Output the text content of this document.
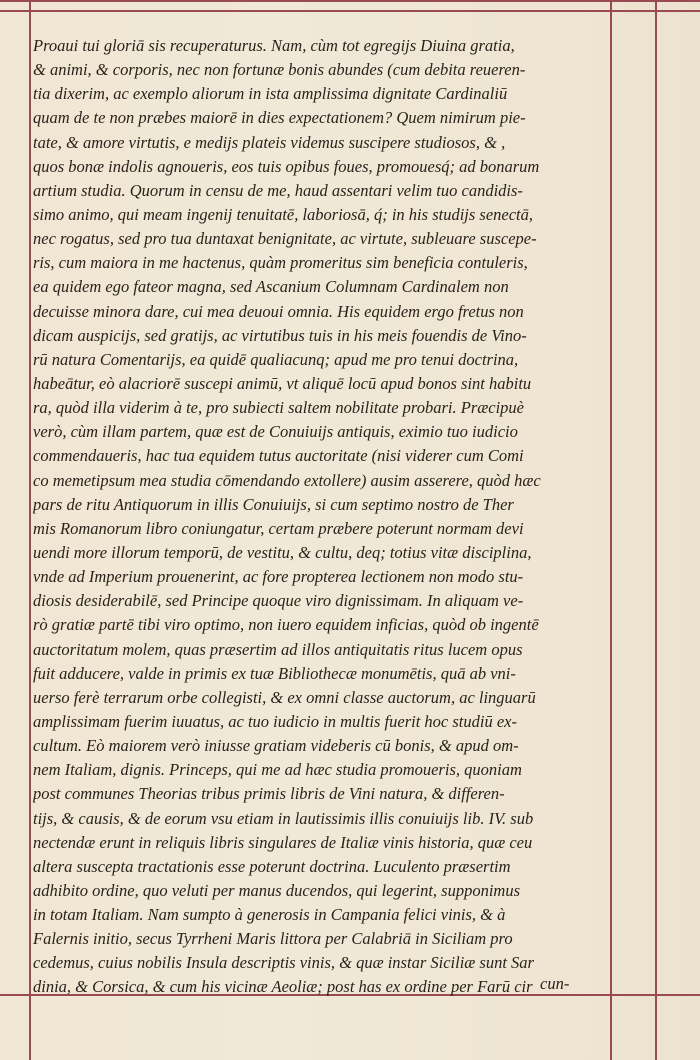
Proaui tui gloriā sis recuperaturus. Nam, cùm tot egregijs Diuina gratia,
& animi, & corporis, nec non fortunæ bonis abundes (cum debita reueren-
tia dixerim, ac exemplo aliorum in ista amplissima dignitate Cardinaliū
quam de te non præbes maiorē in dies expectationem? Quem nimirum pie-
tate, & amore virtutis, e medijs plateis videmus suscipere studiosos, & ,
quos bonæ indolis agnoueris, eos tuis opibus foues, promouesq́; ad bonarum
artium studia. Quorum in censu de me, haud assentari velim tuo candidis-
simo animo, qui meam ingenij tenuitatē, laboriosā, q́; in his studijs senectā,
nec rogatus, sed pro tua duntaxat benignitate, ac virtute, subleuare suscepe-
ris, cum maiora in me hactenus, quàm promeritus sim beneficia contuleris,
ea quidem ego fateor magna, sed Ascanium Columnam Cardinalem non
decuisse minora dare, cui mea deuoui omnia. His equidem ergo fretus non
dicam auspicijs, sed gratijs, ac virtutibus tuis in his meis fouendis de Vino-
rū natura Comentarijs, ea quidē qualiacunq; apud me pro tenui doctrina,
habeātur, eò alacriorē suscepi animū, vt aliquē locū apud bonos sint habitu
ra, quòd illa viderim à te, pro subiecti saltem nobilitate probari. Præcipuè
verò, cùm illam partem, quæ est de Conuiuijs antiquis, eximio tuo iudicio
commendaueris, hac tua equidem tutus auctoritate (nisi viderer cum Comi
co memetipsum mea studia cōmendando extollere) ausim asserere, quòd hæc
pars de ritu Antiquorum in illis Conuiuijs, si cum septimo nostro de Ther
mis Romanorum libro coniungatur, certam præbere poterunt normam devi
uendi more illorum temporū, de vestitu, & cultu, deq; totius vitæ disciplina,
vnde ad Imperium prouenerint, ac fore propterea lectionem non modo stu-
diosis desiderabilē, sed Principe quoque viro dignissimam. In aliquam ve-
rò gratiæ partē tibi viro optimo, non iuero equidem inficias, quòd ob ingentē
auctoritatum molem, quas præsertim ad illos antiquitatis ritus lucem opus
fuit adducere, valde in primis ex tuæ Bibliothecæ monumētis, quā ab vni-
uerso ferè terrarum orbe collegisti, & ex omni classe auctorum, ac linguarū
amplissimam fuerim iuuatus, ac tuo iudicio in multis fuerit hoc studiū ex-
cultum. Eò maiorem verò iniusse gratiam videberis cū bonis, & apud om-
nem Italiam, dignis. Princeps, qui me ad hæc studia promoueris, quoniam
post communes Theorias tribus primis libris de Vini natura, & differen-
tijs, & causis, & de eorum vsu etiam in lautissimis illis conuiuijs lib. IV. sub
nectendæ erunt in reliquis libris singulares de Italiæ vinis historia, quæ ceu
altera suscepta tractationis esse poterunt doctrina. Luculento præsertim
adhibito ordine, quo veluti per manus ducendos, qui legerint, supponimus
in totam Italiam. Nam sumpto à generosis in Campania felici vinis, & à
Falernis initio, secus Tyrrheni Maris littora per Calabriā in Siciliam pro
cedemus, cuius nobilis Insula descriptis vinis, & quæ instar Siciliæ sunt Sar
dinia, & Corsica, & cum his vicinæ Aeoliæ; post has ex ordine per Farū cir cun-
